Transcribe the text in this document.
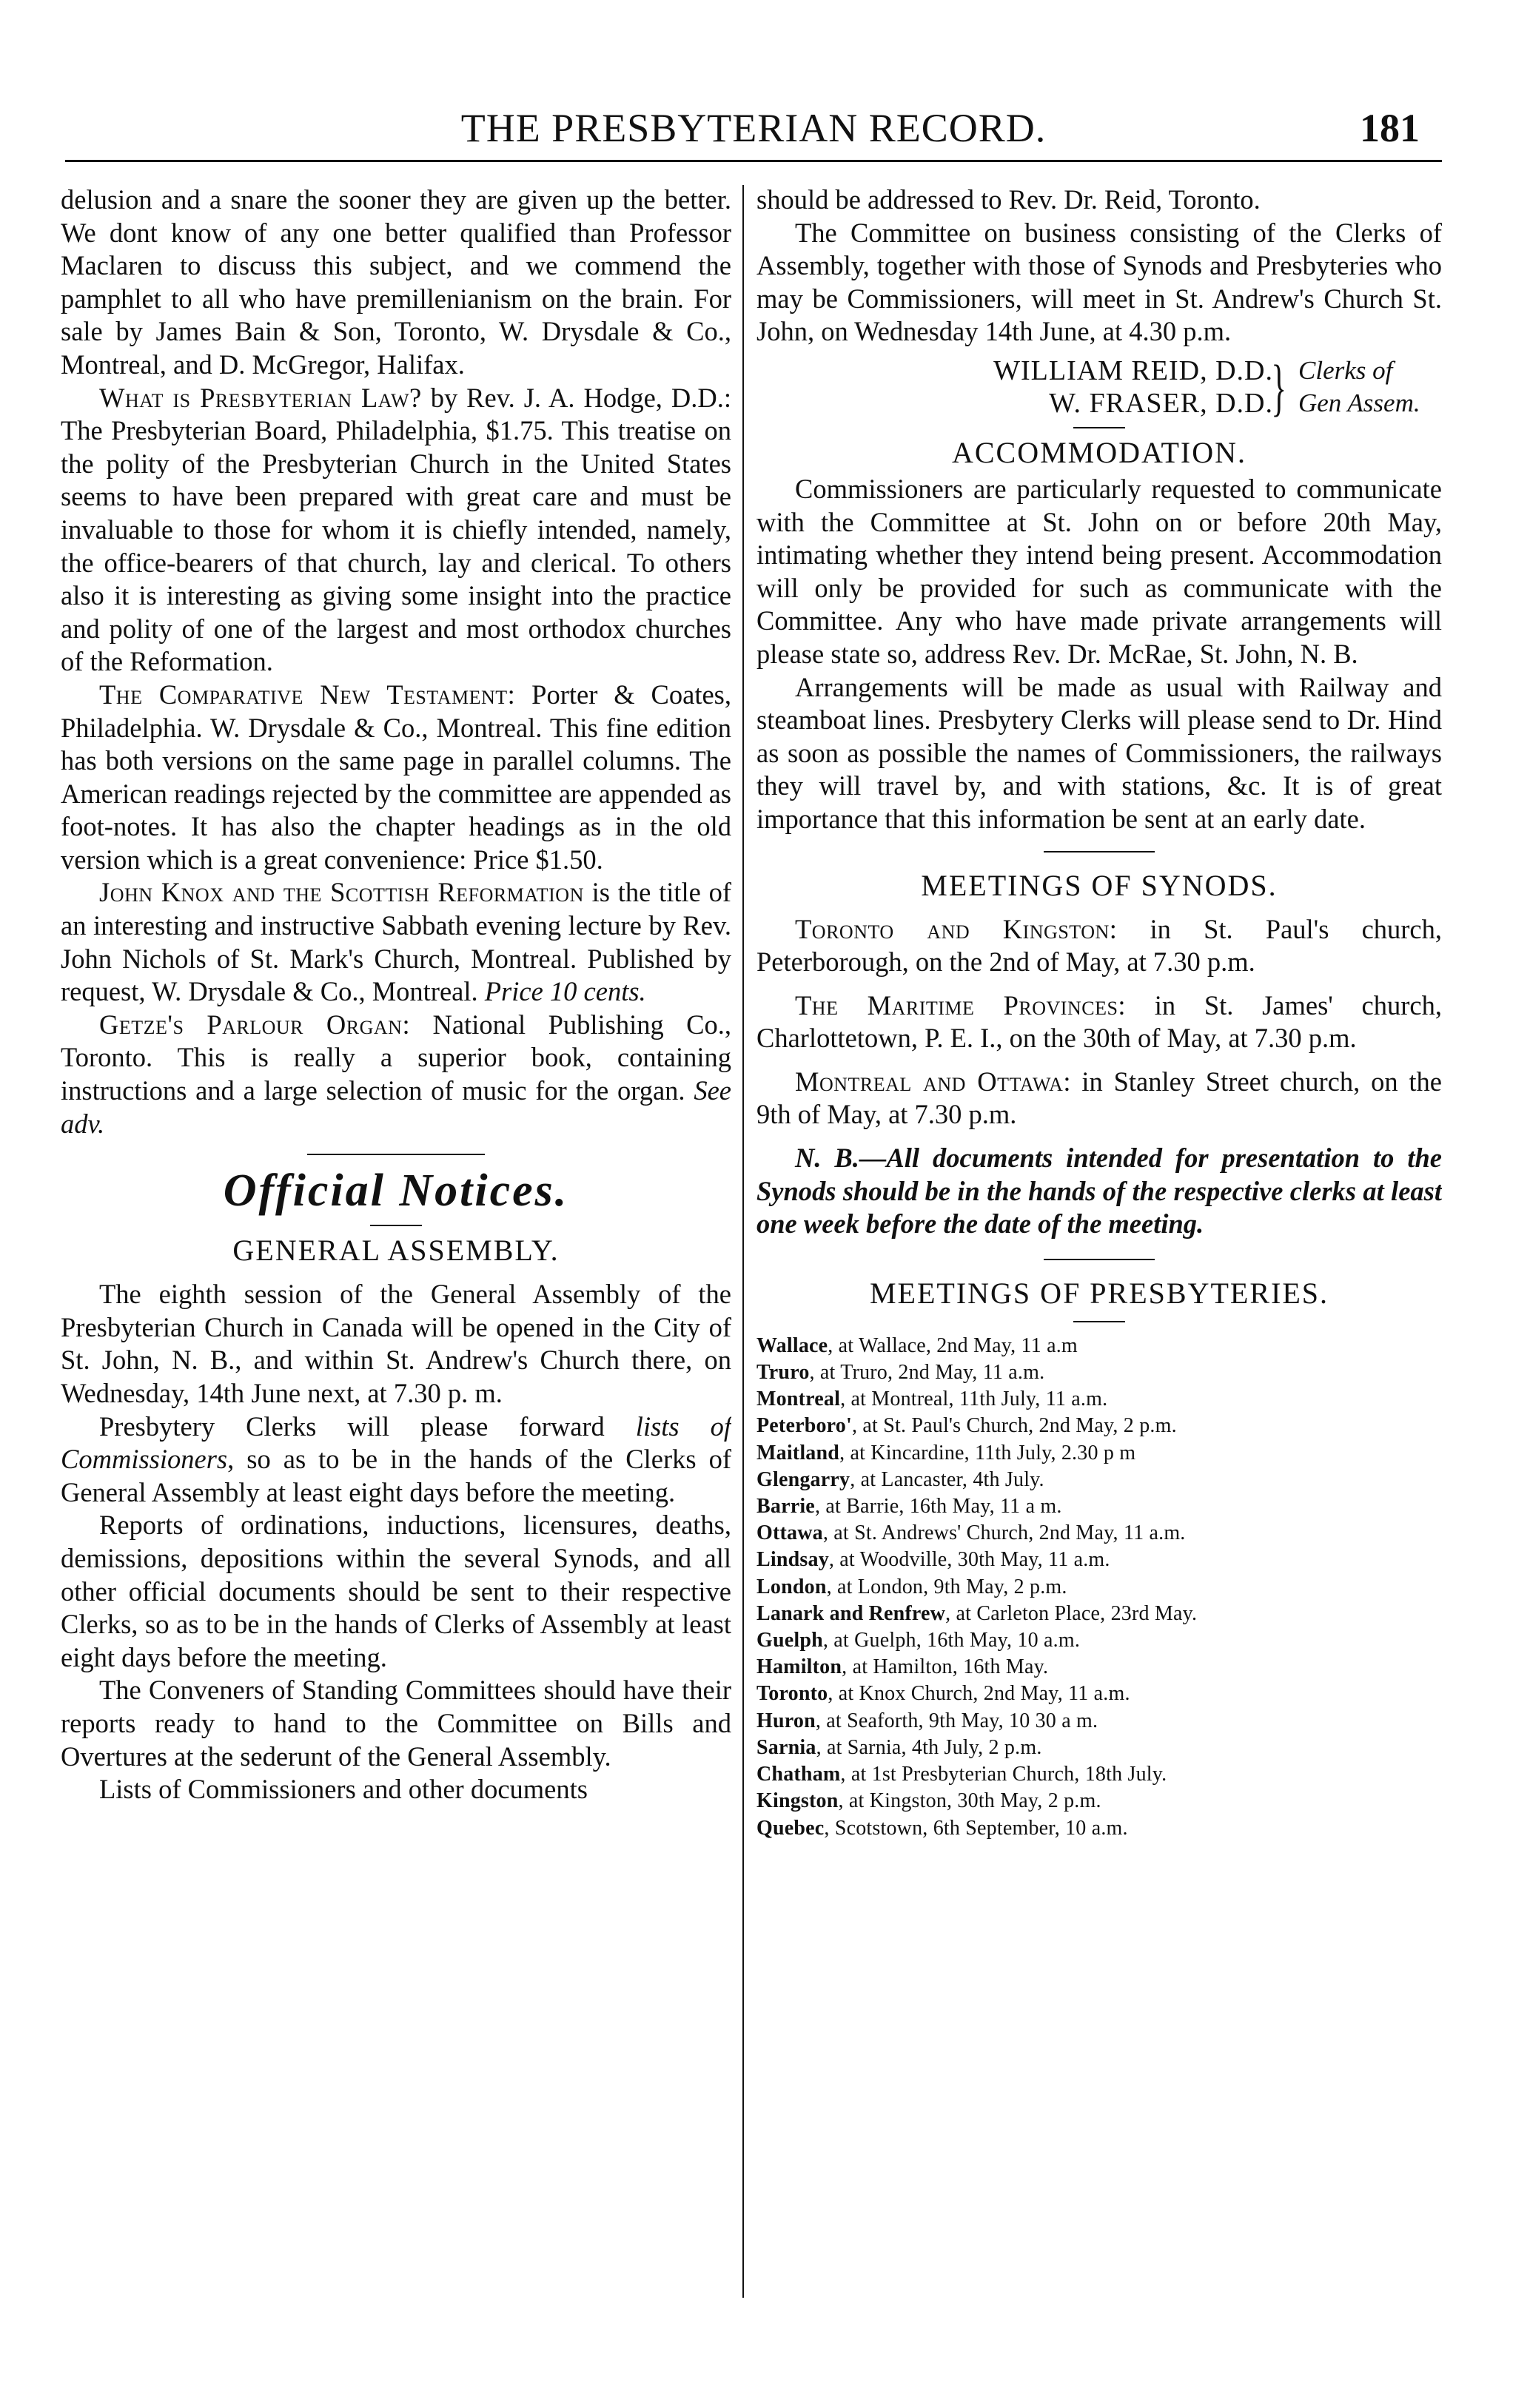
THE PRESBYTERIAN RECORD.	181

delusion and a snare the sooner they are given up the better. We dont know of any one better qualified than Professor Maclaren to discuss this subject, and we commend the pamphlet to all who have premillenianism on the brain. For sale by James Bain & Son, Toronto, W. Drysdale & Co., Montreal, and D. McGregor, Halifax.

What is Presbyterian Law? by Rev. J. A. Hodge, D.D.: The Presbyterian Board, Philadelphia, $1.75. This treatise on the polity of the Presbyterian Church in the United States seems to have been prepared with great care and must be invaluable to those for whom it is chiefly intended, namely, the office-bearers of that church, lay and clerical. To others also it is interesting as giving some insight into the practice and polity of one of the largest and most orthodox churches of the Reformation.

The Comparative New Testament: Porter & Coates, Philadelphia. W. Drysdale & Co., Montreal. This fine edition has both versions on the same page in parallel columns. The American readings rejected by the committee are appended as foot-notes. It has also the chapter headings as in the old version which is a great convenience: Price $1.50.

John Knox and the Scottish Reformation is the title of an interesting and instructive Sabbath evening lecture by Rev. John Nichols of St. Mark's Church, Montreal. Published by request, W. Drysdale & Co., Montreal. Price 10 cents.

Getze's Parlour Organ: National Publishing Co., Toronto. This is really a superior book, containing instructions and a large selection of music for the organ. See adv.

Official Notices.
GENERAL ASSEMBLY.

The eighth session of the General Assembly of the Presbyterian Church in Canada will be opened in the City of St. John, N. B., and within St. Andrew's Church there, on Wednesday, 14th June next, at 7.30 p. m.

Presbytery Clerks will please forward lists of Commissioners, so as to be in the hands of the Clerks of General Assembly at least eight days before the meeting.

Reports of ordinations, inductions, licensures, deaths, demissions, depositions within the several Synods, and all other official documents should be sent to their respective Clerks, so as to be in the hands of Clerks of Assembly at least eight days before the meeting.

The Conveners of Standing Committees should have their reports ready to hand to the Committee on Bills and Overtures at the sederunt of the General Assembly.

Lists of Commissioners and other documents

should be addressed to Rev. Dr. Reid, Toronto.

The Committee on business consisting of the Clerks of Assembly, together with those of Synods and Presbyteries who may be Commissioners, will meet in St. Andrew's Church St. John, on Wednesday 14th June, at 4.30 p.m.

WILLIAM REID, D.D.
W. FRASER, D.D.
} Clerks of
Gen Assem.
ACCOMMODATION.

Commissioners are particularly requested to communicate with the Committee at St. John on or before 20th May, intimating whether they intend being present. Accommodation will only be provided for such as communicate with the Committee. Any who have made private arrangements will please state so, address Rev. Dr. McRae, St. John, N. B.

Arrangements will be made as usual with Railway and steamboat lines. Presbytery Clerks will please send to Dr. Hind as soon as possible the names of Commissioners, the railways they will travel by, and with stations, &c. It is of great importance that this information be sent at an early date.

MEETINGS OF SYNODS.

Toronto and Kingston: in St. Paul's church, Peterborough, on the 2nd of May, at 7.30 p.m.

The Maritime Provinces: in St. James' church, Charlottetown, P. E. I., on the 30th of May, at 7.30 p.m.

Montreal and Ottawa: in Stanley Street church, on the 9th of May, at 7.30 p.m.

N. B.—All documents intended for presentation to the Synods should be in the hands of the respective clerks at least one week before the date of the meeting.

MEETINGS OF PRESBYTERIES.
Wallace, at Wallace, 2nd May, 11 a.m
Truro, at Truro, 2nd May, 11 a.m.
Montreal, at Montreal, 11th July, 11 a.m.
Peterboro', at St. Paul's Church, 2nd May, 2 p.m.
Maitland, at Kincardine, 11th July, 2.30 p m
Glengarry, at Lancaster, 4th July.
Barrie, at Barrie, 16th May, 11 a m.
Ottawa, at St. Andrews' Church, 2nd May, 11 a.m.
Lindsay, at Woodville, 30th May, 11 a.m.
London, at London, 9th May, 2 p.m.
Lanark and Renfrew, at Carleton Place, 23rd May.
Guelph, at Guelph, 16th May, 10 a.m.
Hamilton, at Hamilton, 16th May.
Toronto, at Knox Church, 2nd May, 11 a.m.
Huron, at Seaforth, 9th May, 10 30 a m.
Sarnia, at Sarnia, 4th July, 2 p.m.
Chatham, at 1st Presbyterian Church, 18th July.
Kingston, at Kingston, 30th May, 2 p.m.
Quebec, Scotstown, 6th September, 10 a.m.
